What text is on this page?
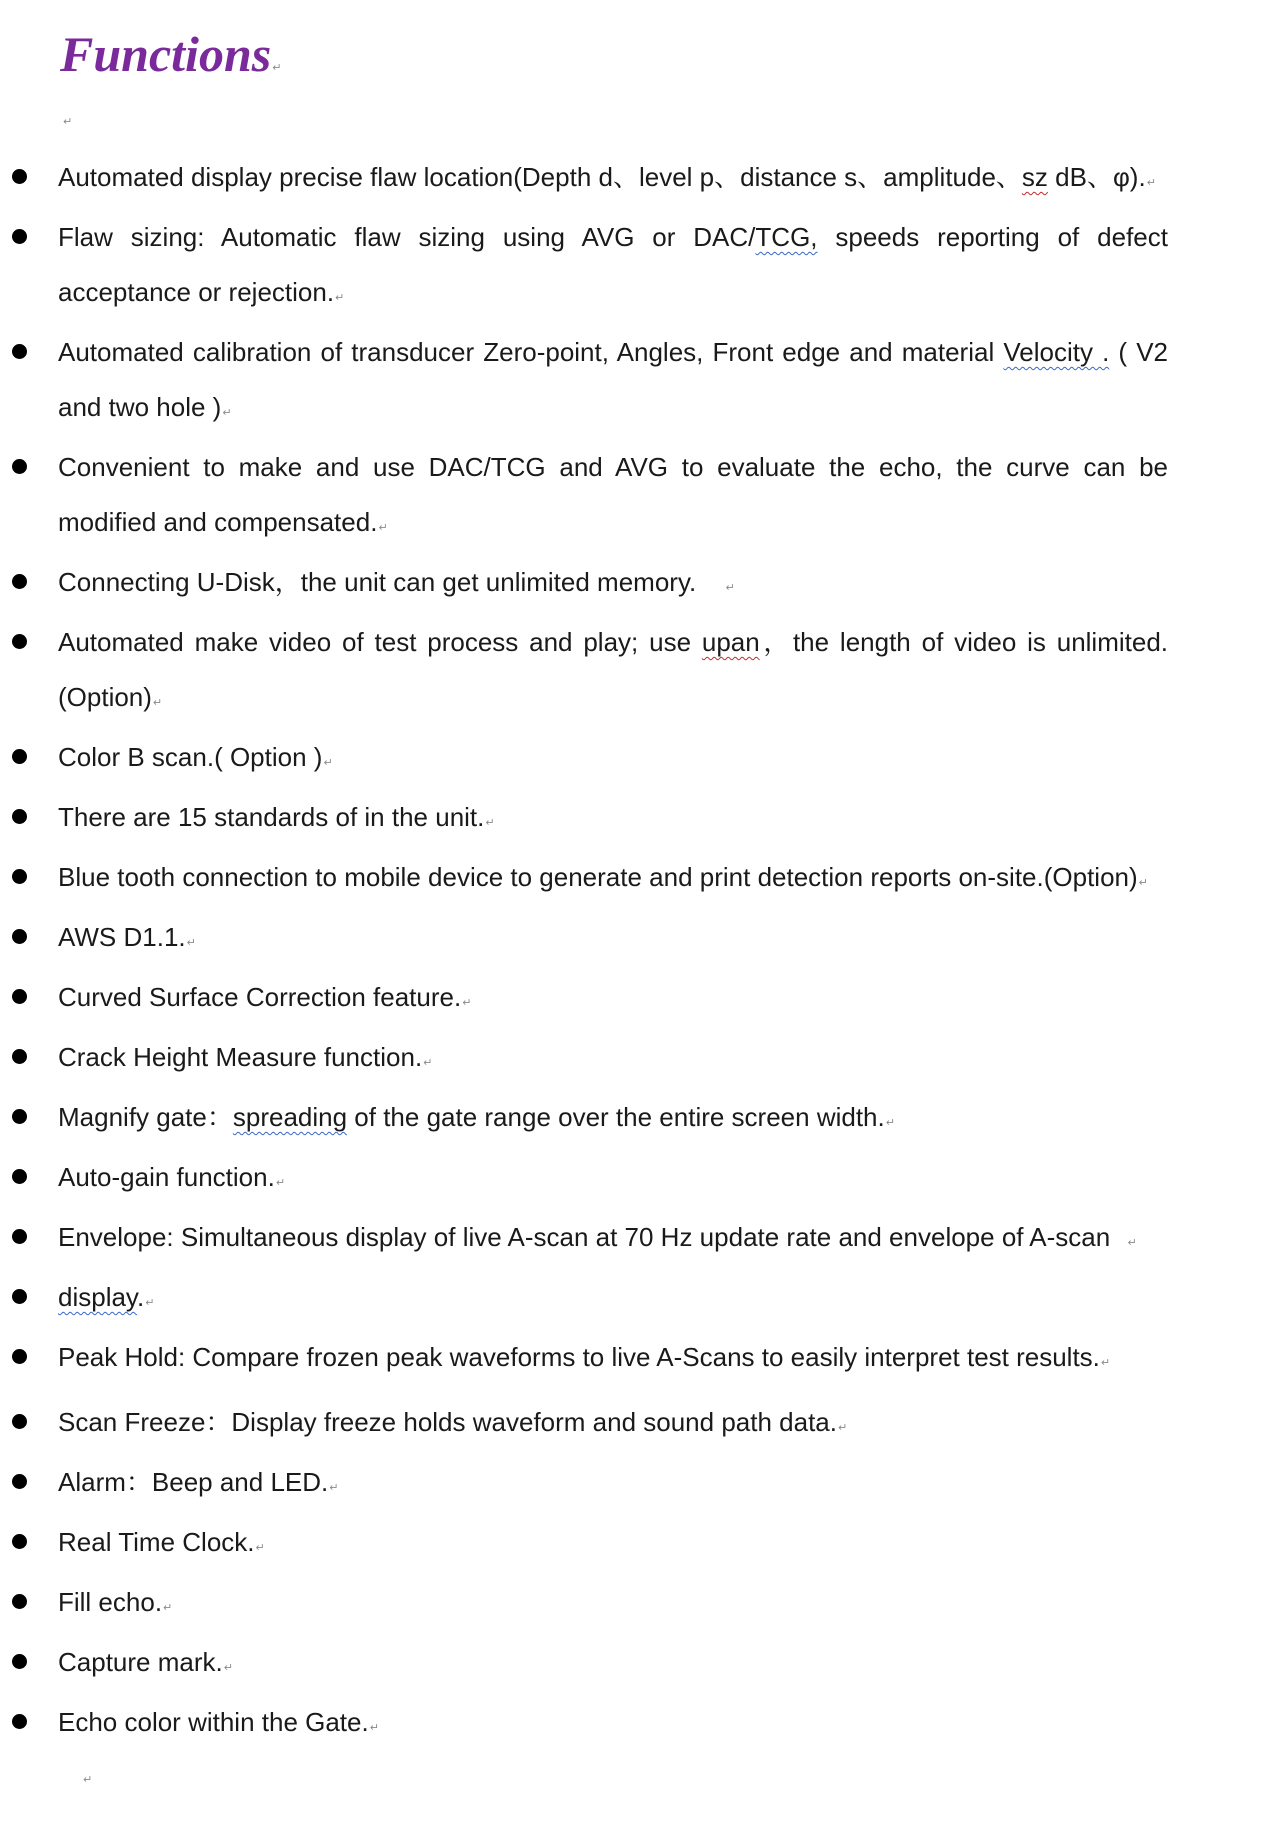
Functions↵
↵
Automated display precise flaw location(Depth d、level p、distance s、amplitude、sz dB、φ).↵
Flaw sizing: Automatic flaw sizing using AVG or DAC/TCG, speeds reporting of defect acceptance or rejection.↵
Automated calibration of transducer Zero-point, Angles, Front edge and material Velocity . ( V2 and two hole )↵
Convenient to make and use DAC/TCG and AVG to evaluate the echo, the curve can be modified and compensated.↵
Connecting U-Disk，the unit can get unlimited memory. ↵
Automated make video of test process and play; use upan，the length of video is unlimited.(Option)↵
Color B scan.( Option )↵
There are 15 standards of in the unit.↵
Blue tooth connection to mobile device to generate and print detection reports on-site.(Option)↵
AWS D1.1.↵
Curved Surface Correction feature.↵
Crack Height Measure function.↵
Magnify gate：spreading of the gate range over the entire screen width.↵
Auto-gain function.↵
Envelope: Simultaneous display of live A-scan at 70 Hz update rate and envelope of A-scan ↵
display.↵
Peak Hold: Compare frozen peak waveforms to live A-Scans to easily interpret test results.↵
Scan Freeze：Display freeze holds waveform and sound path data.↵
Alarm：Beep and LED.↵
Real Time Clock.↵
Fill echo.↵
Capture mark.↵
Echo color within the Gate.↵
↵
